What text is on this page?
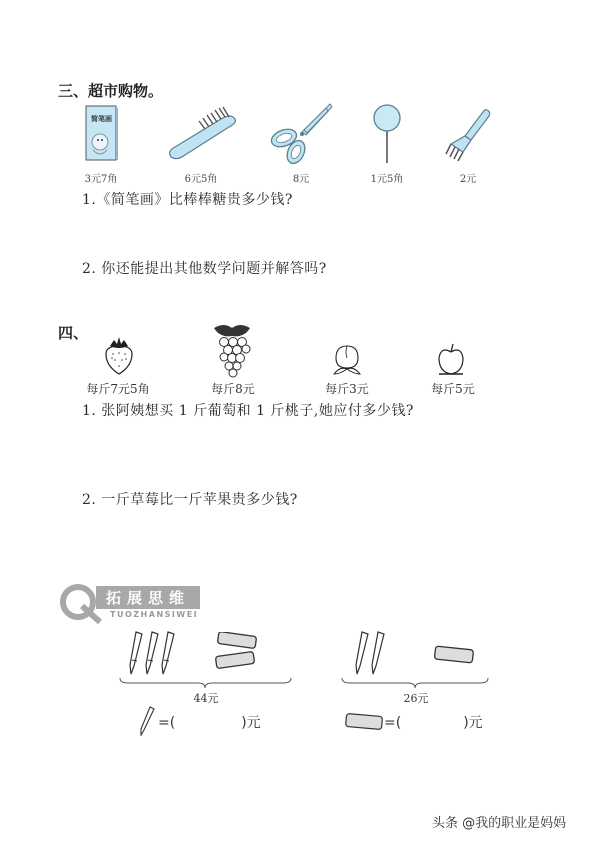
三、超市购物。
简笔画
3元7角	6元5角	8元	1元5角	2元
1.《简笔画》比棒棒糖贵多少钱?
2. 你还能提出其他数学问题并解答吗?
四、
每斤7元5角	每斤8元	每斤3元	每斤5元
1. 张阿姨想买 1 斤葡萄和 1 斤桃子,她应付多少钱?
2. 一斤草莓比一斤苹果贵多少钱?
拓展思维
TUOZHANSIWEI
44元
=(	)元
26元
=(	)元
头条 @我的职业是妈妈
